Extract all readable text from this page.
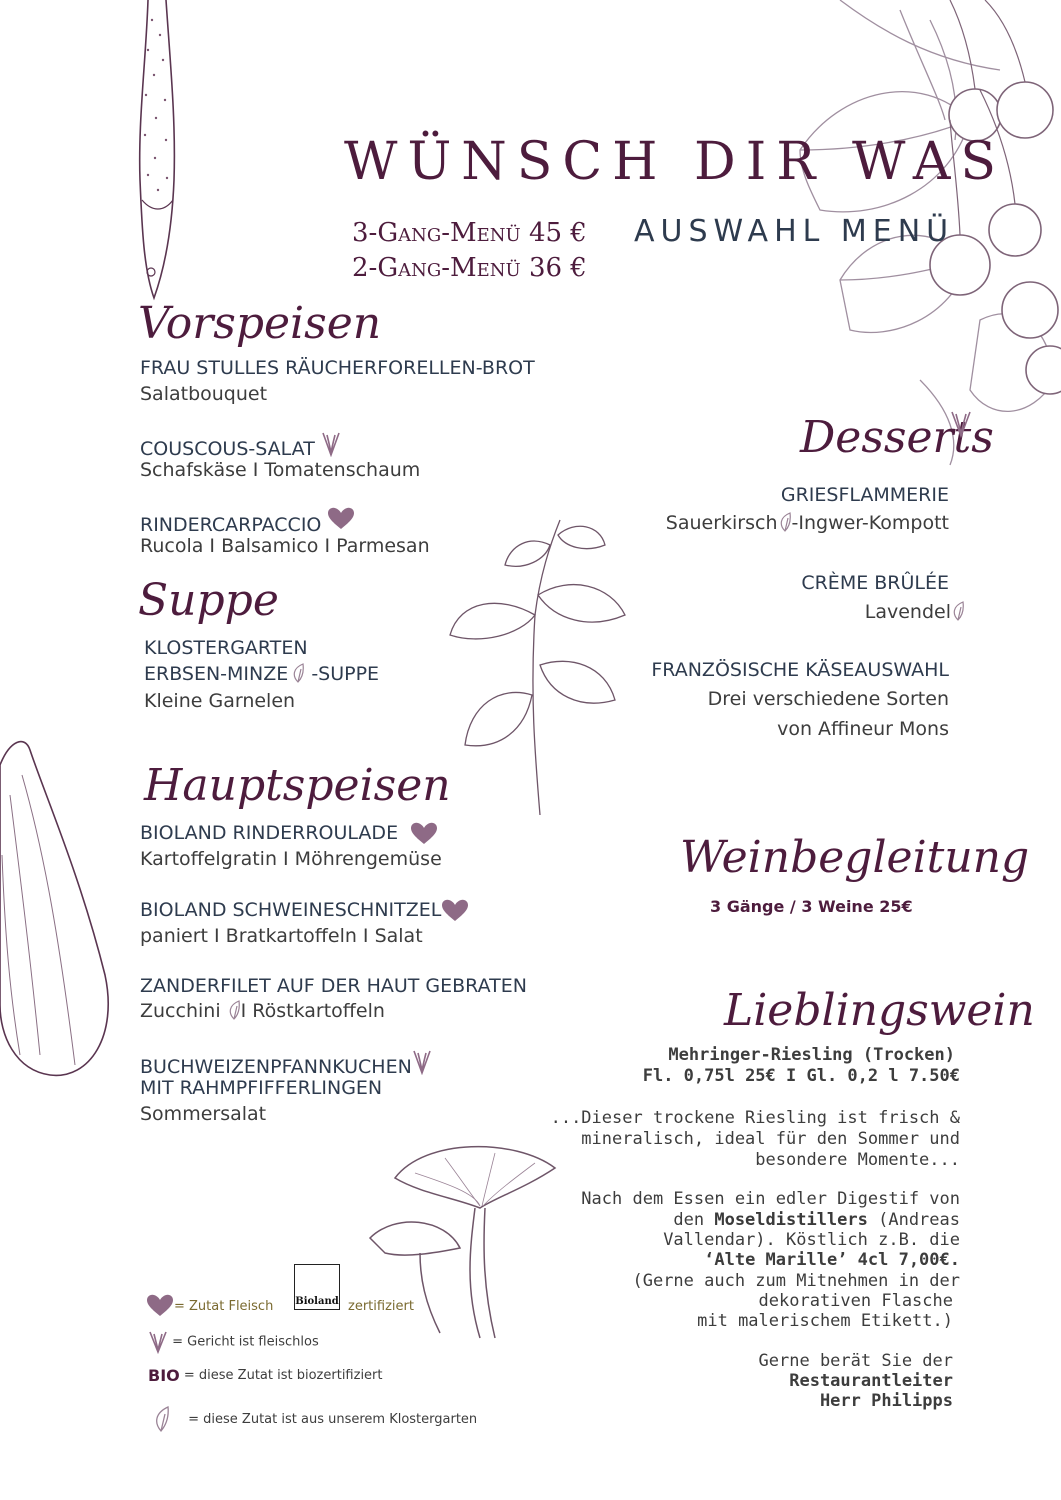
WÜNSCH DIR WAS
3-Gang-Menü 45 €
2-Gang-Menü 36 €
AUSWAHL MENÜ
Vorspeisen
FRAU STULLES RÄUCHERFORELLEN-BROT
Salatbouquet
COUSCOUS-SALAT
Schafskäse I Tomatenschaum
RINDERCARPACCIO
Rucola I Balsamico I Parmesan
Suppe
KLOSTERGARTEN
ERBSEN-MINZE -SUPPE
Kleine Garnelen
Hauptspeisen
BIOLAND RINDERROULADE
Kartoffelgratin I Möhrengemüse
BIOLAND SCHWEINESCHNITZEL
paniert I Bratkartoffeln I Salat
ZANDERFILET AUF DER HAUT GEBRATEN
Zucchini I Röstkartoffeln
BUCHWEIZENPFANNKUCHEN
MIT RAHMPFIFFERLINGEN
Sommersalat
Desserts
GRIESFLAMMERIE
Sauerkirsch -Ingwer-Kompott
CRÈME BRÛLÉE
Lavendel
FRANZÖSISCHE KÄSEAUSWAHL
Drei verschiedene Sorten
von Affineur Mons
Weinbegleitung
3 Gänge / 3 Weine 25€
Lieblingswein
Mehringer-Riesling (Trocken)
Fl. 0,75l 25€ I Gl. 0,2 l 7.50€
...Dieser trockene Riesling ist frisch &
mineralisch, ideal für den Sommer und
besondere Momente...
Nach dem Essen ein edler Digestif von
den Moseldistillers (Andreas
Vallendar). Köstlich z.B. die
‘Alte Marille’ 4cl 7,00€.
(Gerne auch zum Mitnehmen in der
dekorativen Flasche
mit malerischem Etikett.)
Gerne berät Sie der
Restaurantleiter
Herr Philipps
= Zutat Fleisch Bioland zertifiziert
= Gericht ist fleischlos
BIO = diese Zutat ist biozertifiziert
= diese Zutat ist aus unserem Klostergarten
